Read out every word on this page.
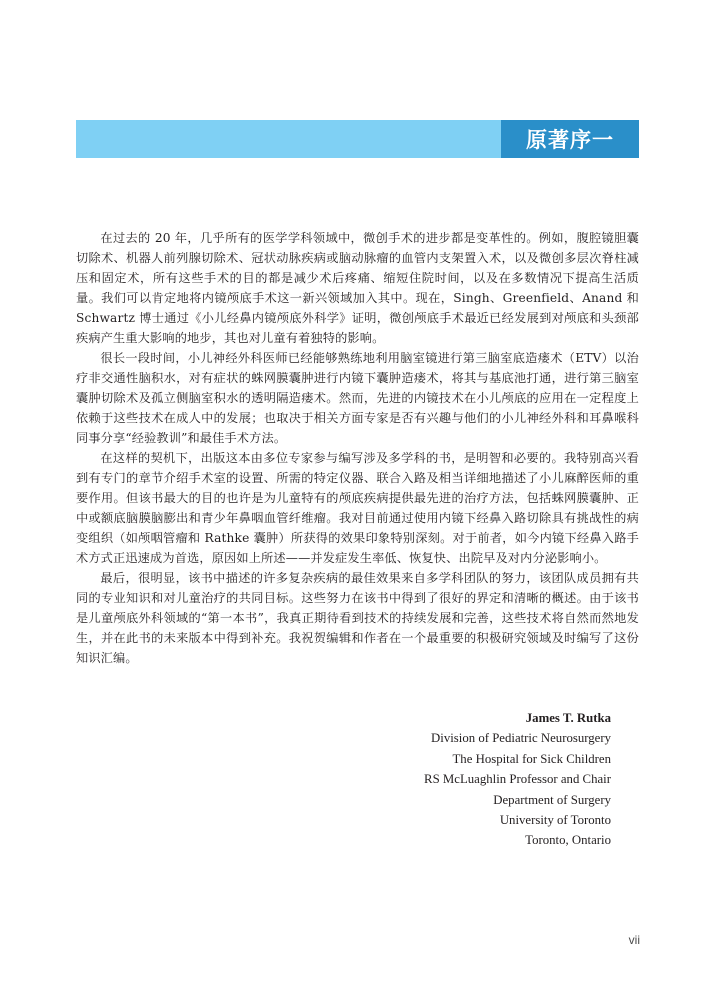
原著序一

在过去的 20 年，几乎所有的医学学科领域中，微创手术的进步都是变革性的。例如，腹腔镜胆囊切除术、机器人前列腺切除术、冠状动脉疾病或脑动脉瘤的血管内支架置入术，以及微创多层次脊柱减压和固定术，所有这些手术的目的都是减少术后疼痛、缩短住院时间，以及在多数情况下提高生活质量。我们可以肯定地将内镜颅底手术这一新兴领域加入其中。现在，Singh、Greenfield、Anand 和 Schwartz 博士通过《小儿经鼻内镜颅底外科学》证明，微创颅底手术最近已经发展到对颅底和头颈部疾病产生重大影响的地步，其也对儿童有着独特的影响。

很长一段时间，小儿神经外科医师已经能够熟练地利用脑室镜进行第三脑室底造瘘术（ETV）以治疗非交通性脑积水，对有症状的蛛网膜囊肿进行内镜下囊肿造瘘术，将其与基底池打通，进行第三脑室囊肿切除术及孤立侧脑室积水的透明隔造瘘术。然而，先进的内镜技术在小儿颅底的应用在一定程度上依赖于这些技术在成人中的发展；也取决于相关方面专家是否有兴趣与他们的小儿神经外科和耳鼻喉科同事分享“经验教训”和最佳手术方法。

在这样的契机下，出版这本由多位专家参与编写涉及多学科的书，是明智和必要的。我特别高兴看到有专门的章节介绍手术室的设置、所需的特定仪器、联合入路及相当详细地描述了小儿麻醉医师的重要作用。但该书最大的目的也许是为儿童特有的颅底疾病提供最先进的治疗方法，包括蛛网膜囊肿、正中或额底脑膜脑膨出和青少年鼻咽血管纤维瘤。我对目前通过使用内镜下经鼻入路切除具有挑战性的病变组织（如颅咽管瘤和 Rathke 囊肿）所获得的效果印象特别深刻。对于前者，如今内镜下经鼻入路手术方式正迅速成为首选，原因如上所述——并发症发生率低、恢复快、出院早及对内分泌影响小。

最后，很明显，该书中描述的许多复杂疾病的最佳效果来自多学科团队的努力，该团队成员拥有共同的专业知识和对儿童治疗的共同目标。这些努力在该书中得到了很好的界定和清晰的概述。由于该书是儿童颅底外科领域的“第一本书”，我真正期待看到技术的持续发展和完善，这些技术将自然而然地发生，并在此书的未来版本中得到补充。我祝贺编辑和作者在一个最重要的积极研究领域及时编写了这份知识汇编。

James T. Rutka
Division of Pediatric Neurosurgery
The Hospital for Sick Children
RS McLuaghlin Professor and Chair
Department of Surgery
University of Toronto
Toronto, Ontario
vii
